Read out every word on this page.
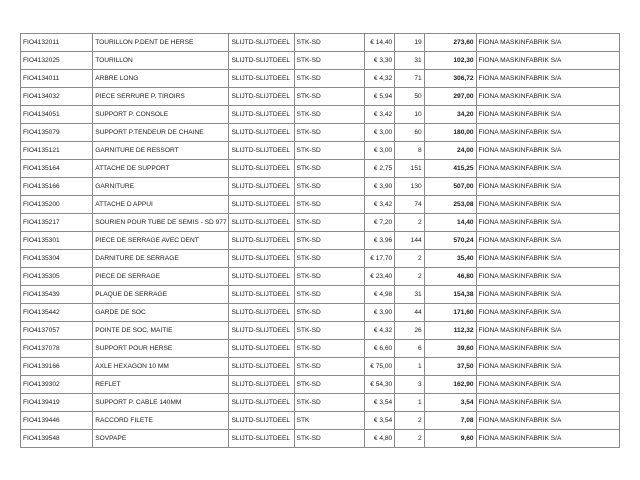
FIO4132011	TOURILLON P.DENT DE HERSE	SLIJTD-SLIJTDEEL	STK-SD	€ 14,40	19	273,60	FIONA MASKINFABRIK S/A
FIO4132025	TOURILLON	SLIJTD-SLIJTDEEL	STK-SD	€ 3,30	31	102,30	FIONA MASKINFABRIK S/A
FIO4134011	ARBRE LONG	SLIJTD-SLIJTDEEL	STK-SD	€ 4,32	71	306,72	FIONA MASKINFABRIK S/A
FIO4134032	PIECE SERRURE P. TIROIRS	SLIJTD-SLIJTDEEL	STK-SD	€ 5,94	50	297,00	FIONA MASKINFABRIK S/A
FIO4134051	SUPPORT P. CONSOLE	SLIJTD-SLIJTDEEL	STK-SD	€ 3,42	10	34,20	FIONA MASKINFABRIK S/A
FIO4135079	SUPPORT P.TENDEUR DE CHAINE	SLIJTD-SLIJTDEEL	STK-SD	€ 3,00	60	180,00	FIONA MASKINFABRIK S/A
FIO4135121	GARNITURE DE RESSORT	SLIJTD-SLIJTDEEL	STK-SD	€ 3,00	8	24,00	FIONA MASKINFABRIK S/A
FIO4135164	ATTACHE DE SUPPORT	SLIJTD-SLIJTDEEL	STK-SD	€ 2,75	151	415,25	FIONA MASKINFABRIK S/A
FIO4135166	GARNITURE	SLIJTD-SLIJTDEEL	STK-SD	€ 3,90	130	507,00	FIONA MASKINFABRIK S/A
FIO4135200	ATTACHE D APPUI	SLIJTD-SLIJTDEEL	STK-SD	€ 3,42	74	253,08	FIONA MASKINFABRIK S/A
FIO4135217	SOURIEN POUR TUBE DE SEMIS - SD 977	SLIJTD-SLIJTDEEL	STK-SD	€ 7,20	2	14,40	FIONA MASKINFABRIK S/A
FIO4135301	PIECE DE SERRAGE AVEC DENT	SLIJTD-SLIJTDEEL	STK-SD	€ 3,96	144	570,24	FIONA MASKINFABRIK S/A
FIO4135304	DARNITURE DE SERRAGE	SLIJTD-SLIJTDEEL	STK-SD	€ 17,70	2	35,40	FIONA MASKINFABRIK S/A
FIO4135305	PIECE DE SERRAGE	SLIJTD-SLIJTDEEL	STK-SD	€ 23,40	2	46,80	FIONA MASKINFABRIK S/A
FIO4135439	PLAQUE DE SERRAGE	SLIJTD-SLIJTDEEL	STK-SD	€ 4,98	31	154,38	FIONA MASKINFABRIK S/A
FIO4135442	GARDE DE SOC	SLIJTD-SLIJTDEEL	STK-SD	€ 3,90	44	171,60	FIONA MASKINFABRIK S/A
FIO4137057	POINTE DE SOC, MAITIE	SLIJTD-SLIJTDEEL	STK-SD	€ 4,32	26	112,32	FIONA MASKINFABRIK S/A
FIO4137078	SUPPORT POUR HERSE	SLIJTD-SLIJTDEEL	STK-SD	€ 6,60	6	39,60	FIONA MASKINFABRIK S/A
FIO4139166	AXLE HEXAGON 10 MM	SLIJTD-SLIJTDEEL	STK-SD	€ 75,00	1	37,50	FIONA MASKINFABRIK S/A
FIO4139302	REFLET	SLIJTD-SLIJTDEEL	STK-SD	€ 54,30	3	162,90	FIONA MASKINFABRIK S/A
FIO4139419	SUPPORT P. CABLE 140MM	SLIJTD-SLIJTDEEL	STK-SD	€ 3,54	1	3,54	FIONA MASKINFABRIK S/A
FIO4139446	RACCORD FILETE	SLIJTD-SLIJTDEEL	STK	€ 3,54	2	7,08	FIONA MASKINFABRIK S/A
FIO4139548	SOVPAPE	SLIJTD-SLIJTDEEL	STK-SD	€ 4,80	2	9,60	FIONA MASKINFABRIK S/A
